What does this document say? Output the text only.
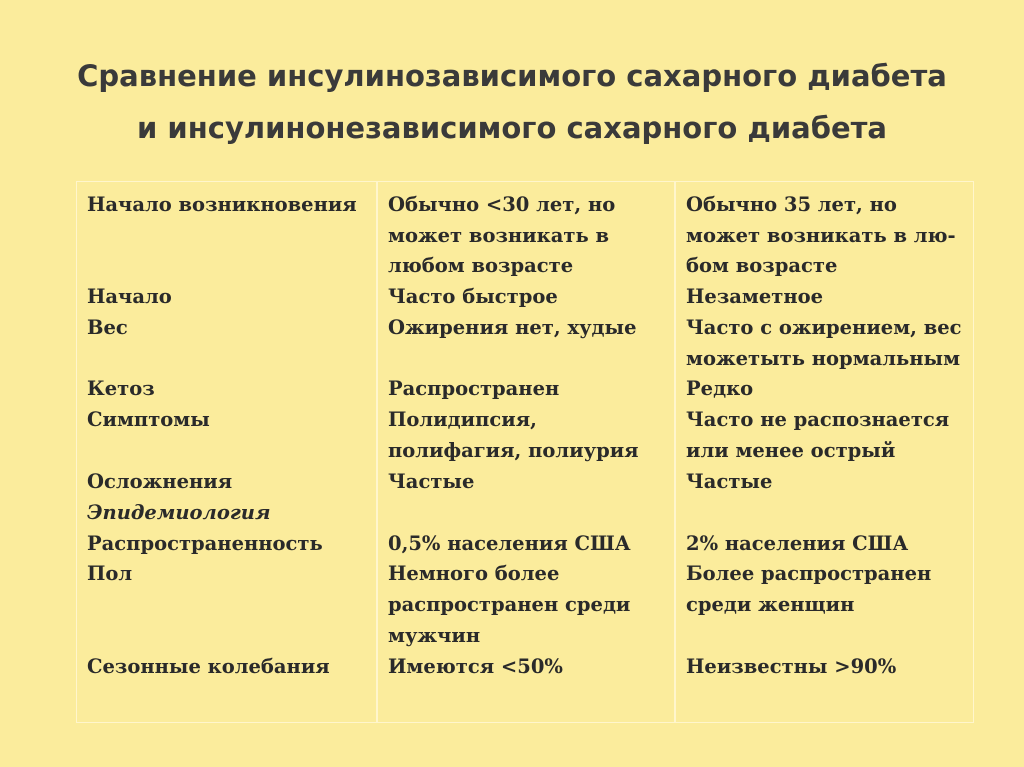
Сравнение инсулинозависимого сахарного диабета
и инсулинонезависимого сахарного диабета
Начало возникновения
Начало
Вес
Кетоз
Симптомы
Осложнения
Эпидемиология
Распространенность
Пол
Сезонные колебания
Обычно <30 лет, но
может возникать в
любом возрасте
Часто быстрое
Ожирения нет, худые
Распространен
Полидипсия,
полифагия, полиурия
Частые
0,5% населения США
Немного более
распространен среди
мужчин
Имеются <50%
Обычно 35 лет, но
может возникать в лю-
бом возрасте
Незаметное
Часто с ожирением, вес
можетыть нормальным
Редко
Часто не распознается
или менее острый
Частые
2% населения США
Более распространен
среди женщин
Неизвестны >90%
